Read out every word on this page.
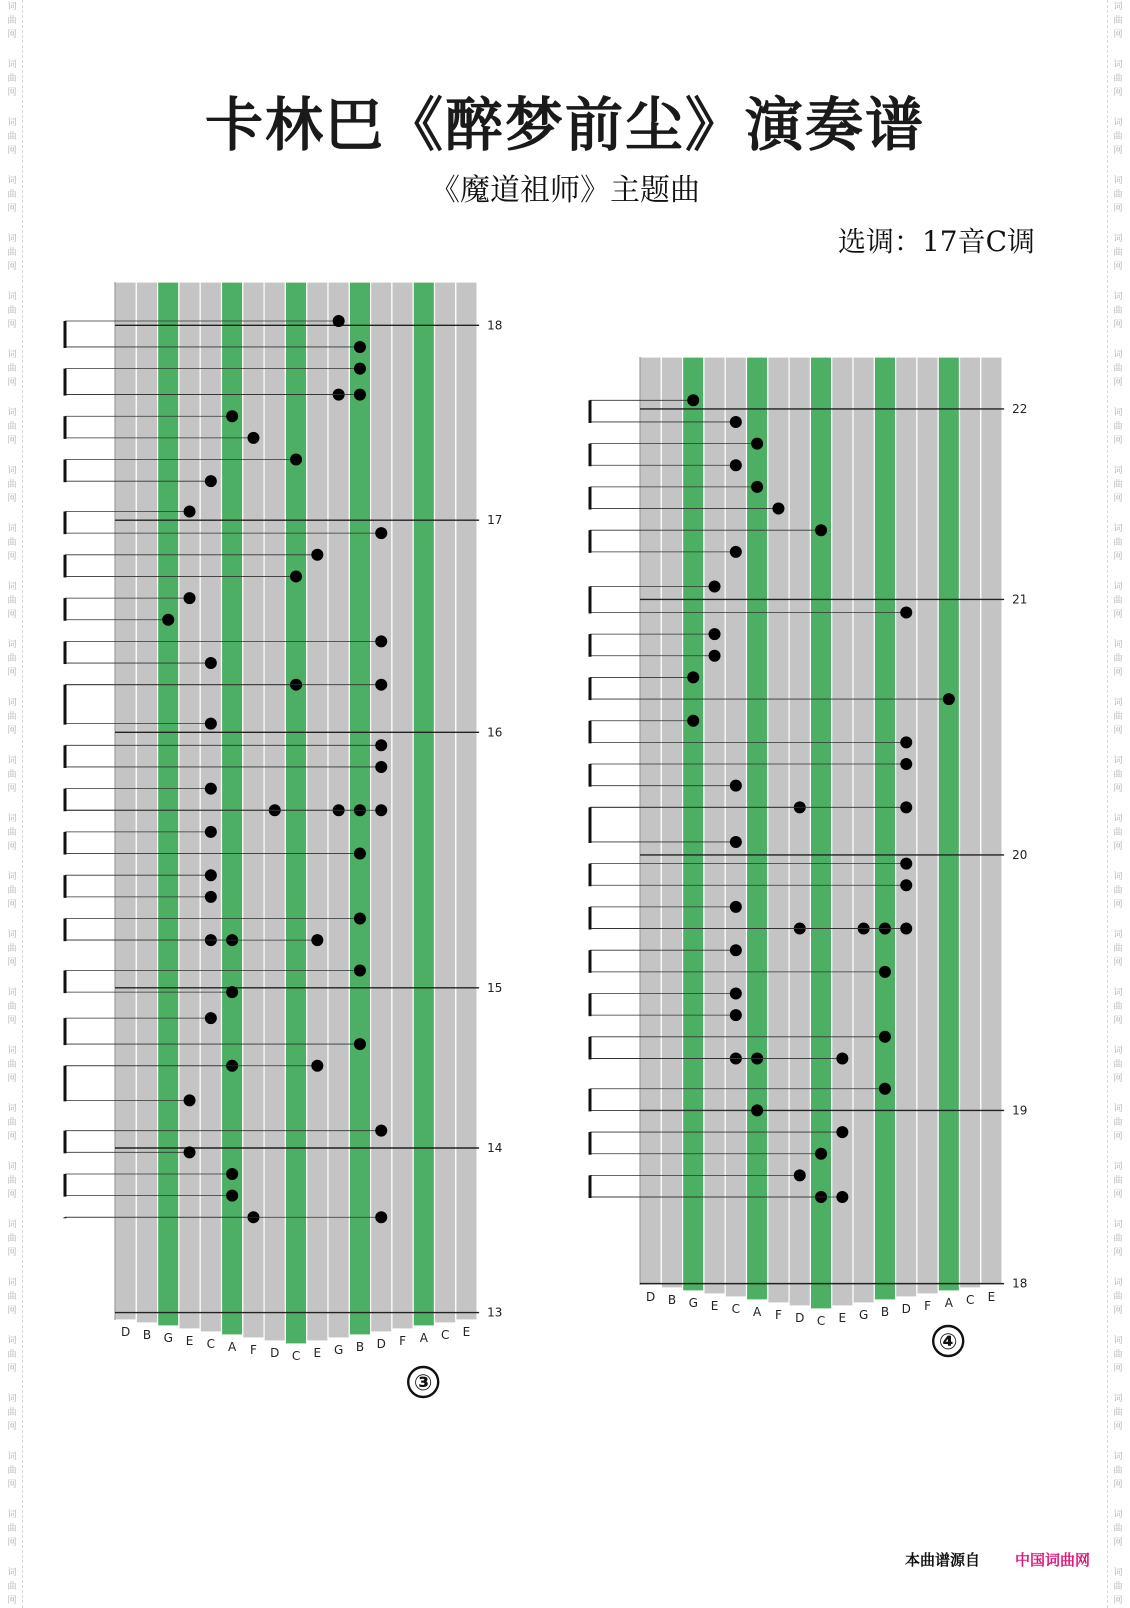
词
曲
网
词
曲
网
词
曲
网
词
曲
网
词
曲
网
词
曲
网
词
曲
网
词
曲
网
词
曲
网
词
曲
网
词
曲
网
词
曲
网
词
曲
网
词
曲
网
词
曲
网
词
曲
网
词
曲
网
词
曲
网
词
曲
网
词
曲
网
词
曲
网
词
曲
网
词
曲
网
词
曲
网
词
曲
网
词
曲
网
词
曲
网
词
曲
网
词
曲
网
词
曲
网
词
曲
网
词
曲
网
词
曲
网
词
曲
网
词
曲
网
词
曲
网
词
曲
网
词
曲
网
词
曲
网
词
曲
网
词
曲
网
词
曲
网
词
曲
网
词
曲
网
词
曲
网
词
曲
网
词
曲
网
词
曲
网
词
曲
网
词
曲
网
词
曲
网
词
曲
网
词
曲
网
词
曲
网
词
曲
网
词
曲
网
卡林巴《醉梦前尘》演奏谱
《魔道祖师》主题曲
选调：17音C调
D B G E C A F D C E G B D F A C E
18
17
16
15
14
13
③
D B G E C A F D C E G B D F A C E
22
21
20
19
18
④
本曲谱源自 中国词曲网
